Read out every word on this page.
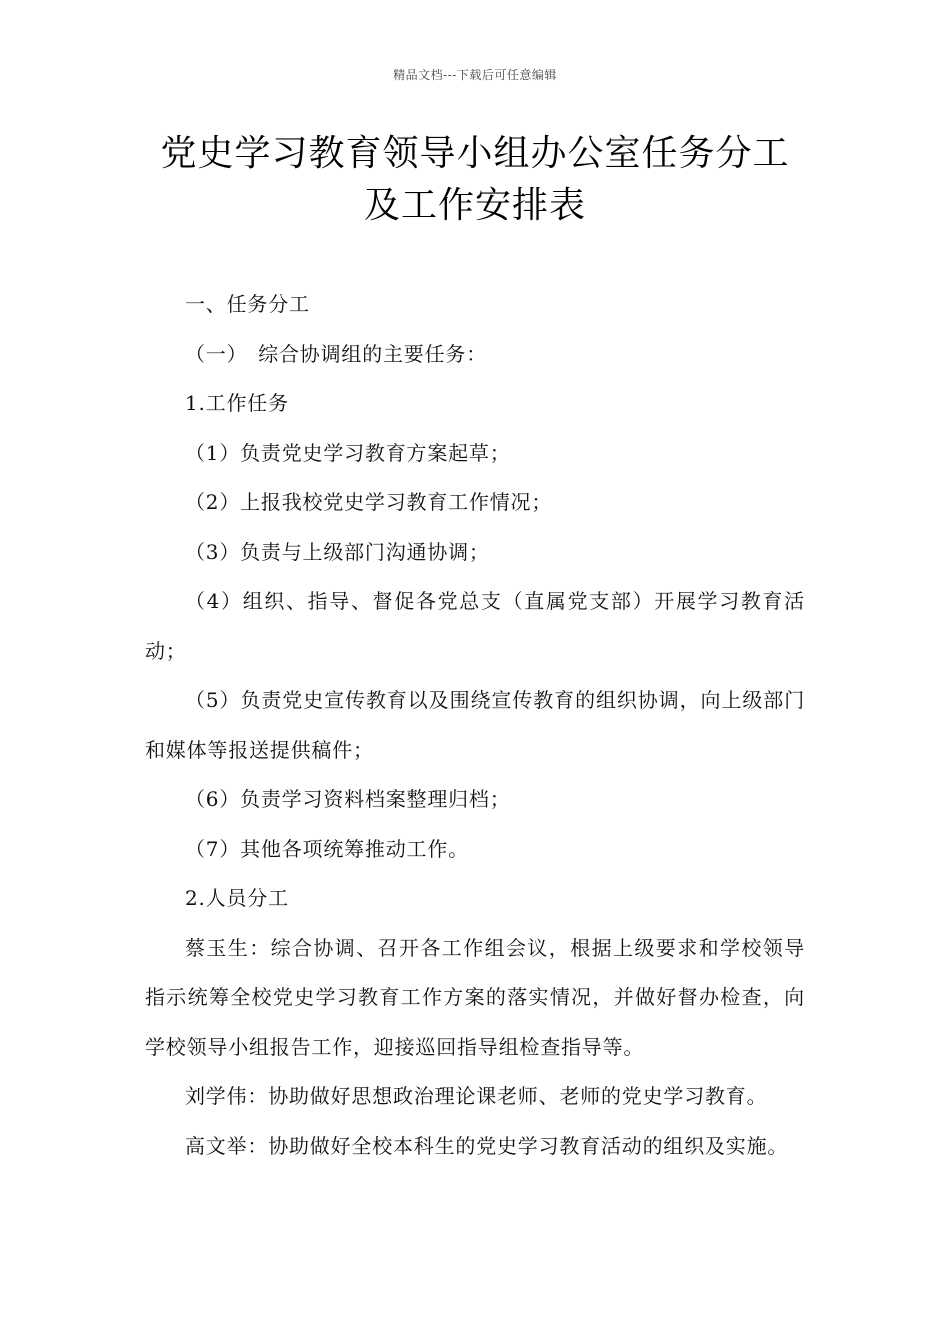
精品文档---下载后可任意编辑
党史学习教育领导小组办公室任务分工
及工作安排表

一、任务分工

（一）　综合协调组的主要任务：

1.工作任务

（1）负责党史学习教育方案起草；

（2）上报我校党史学习教育工作情况；

（3）负责与上级部门沟通协调；

（4）组织、指导、督促各党总支（直属党支部）开展学习教育活动；

（5）负责党史宣传教育以及围绕宣传教育的组织协调，向上级部门和媒体等报送提供稿件；

（6）负责学习资料档案整理归档；

（7）其他各项统筹推动工作。

2.人员分工

蔡玉生：综合协调、召开各工作组会议，根据上级要求和学校领导指示统筹全校党史学习教育工作方案的落实情况，并做好督办检查，向学校领导小组报告工作，迎接巡回指导组检查指导等。

刘学伟：协助做好思想政治理论课老师、老师的党史学习教育。

高文举：协助做好全校本科生的党史学习教育活动的组织及实施。
